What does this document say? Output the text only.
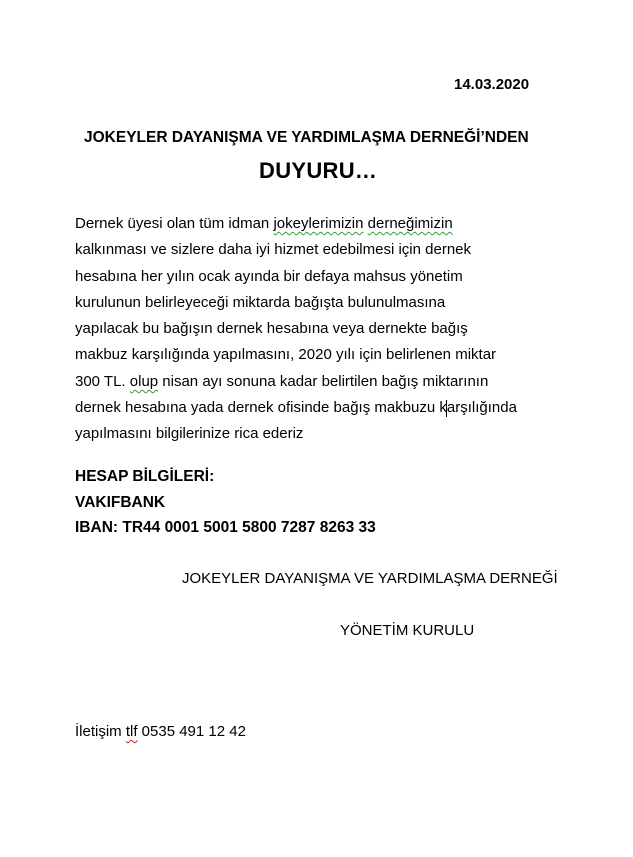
14.03.2020
JOKEYLER DAYANIŞMA VE YARDIMLAŞMA DERNEĞİ’NDEN
DUYURU…
Dernek üyesi olan tüm idman jokeylerimizin derneğimizin
kalkınması ve sizlere daha iyi hizmet edebilmesi için dernek
hesabına her yılın ocak ayında bir defaya mahsus yönetim
kurulunun belirleyeceği miktarda bağışta bulunulmasına
yapılacak bu bağışın dernek hesabına veya dernekte bağış
makbuz karşılığında yapılmasını, 2020 yılı için belirlenen miktar
300 TL. olup nisan ayı sonuna kadar belirtilen bağış miktarının
dernek hesabına yada dernek ofisinde bağış makbuzu karşılığında
yapılmasını bilgilerinize rica ederiz
HESAP BİLGİLERİ:
VAKIFBANK
IBAN: TR44 0001 5001 5800 7287 8263 33
JOKEYLER DAYANIŞMA VE YARDIMLAŞMA DERNEĞİ
YÖNETİM KURULU
İletişim tlf 0535 491 12 42
